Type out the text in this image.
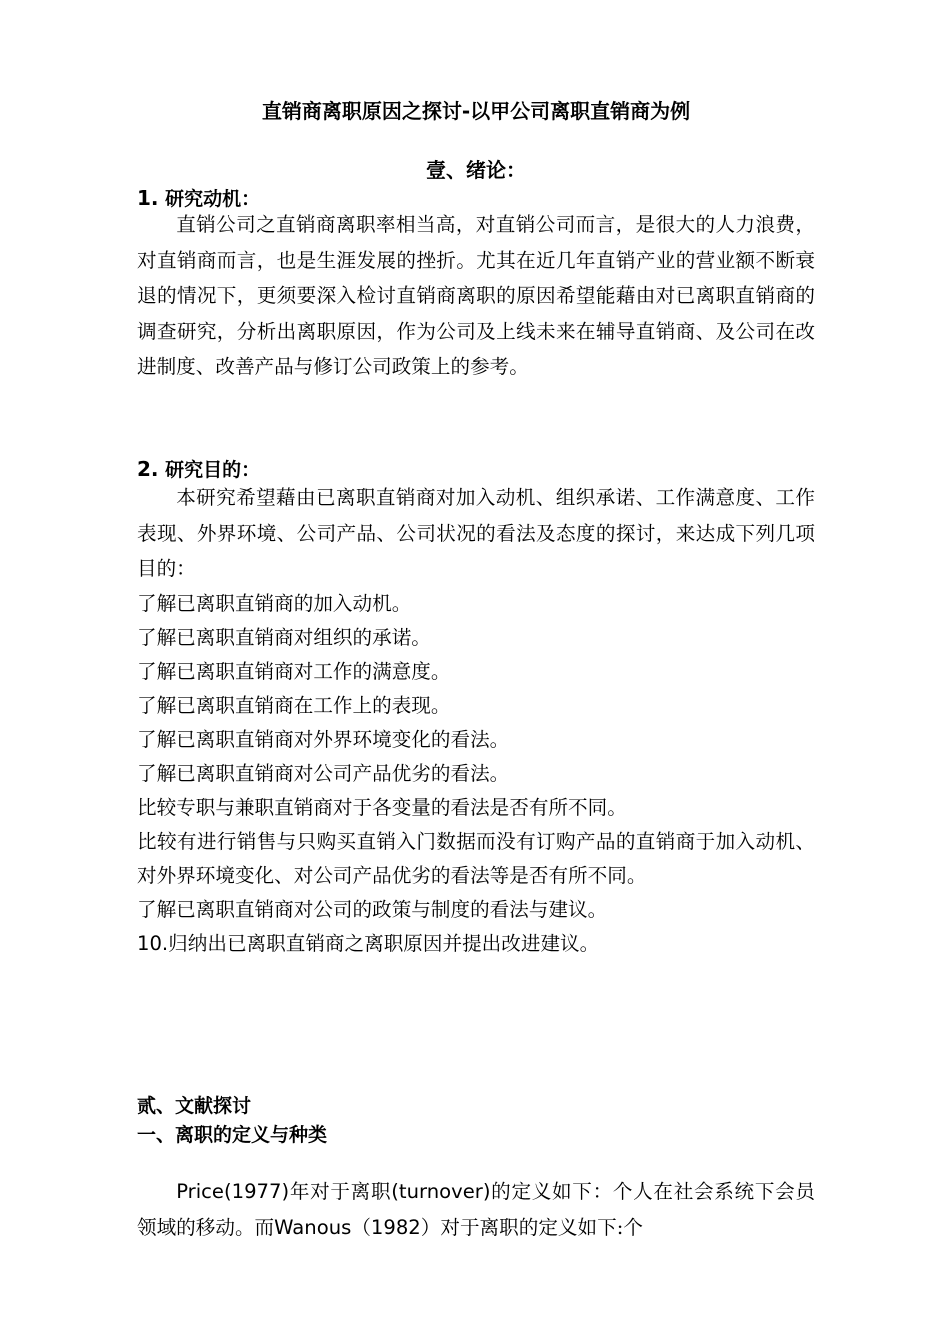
直销商离职原因之探讨-以甲公司离职直销商为例
壹、绪论：
1. 研究动机：

直销公司之直销商离职率相当高，对直销公司而言，是很大的人力浪费，对直销商而言，也是生涯发展的挫折。尤其在近几年直销产业的营业额不断衰退的情况下，更须要深入检讨直销商离职的原因希望能藉由对已离职直销商的调查研究，分析出离职原因，作为公司及上线未来在辅导直销商、及公司在改进制度、改善产品与修订公司政策上的参考。

2. 研究目的：

本研究希望藉由已离职直销商对加入动机、组织承诺、工作满意度、工作表现、外界环境、公司产品、公司状况的看法及态度的探讨，来达成下列几项目的：

了解已离职直销商的加入动机。
了解已离职直销商对组织的承诺。
了解已离职直销商对工作的满意度。
了解已离职直销商在工作上的表现。
了解已离职直销商对外界环境变化的看法。
了解已离职直销商对公司产品优劣的看法。
比较专职与兼职直销商对于各变量的看法是否有所不同。
比较有进行销售与只购买直销入门数据而没有订购产品的直销商于加入动机、对外界环境变化、对公司产品优劣的看法等是否有所不同。
了解已离职直销商对公司的政策与制度的看法与建议。
10.归纳出已离职直销商之离职原因并提出改进建议。
贰、文献探讨
一、离职的定义与种类

Price(1977)年对于离职(turnover)的定义如下：个人在社会系统下会员领域的移动。而Wanous（1982）对于离职的定义如下:个
